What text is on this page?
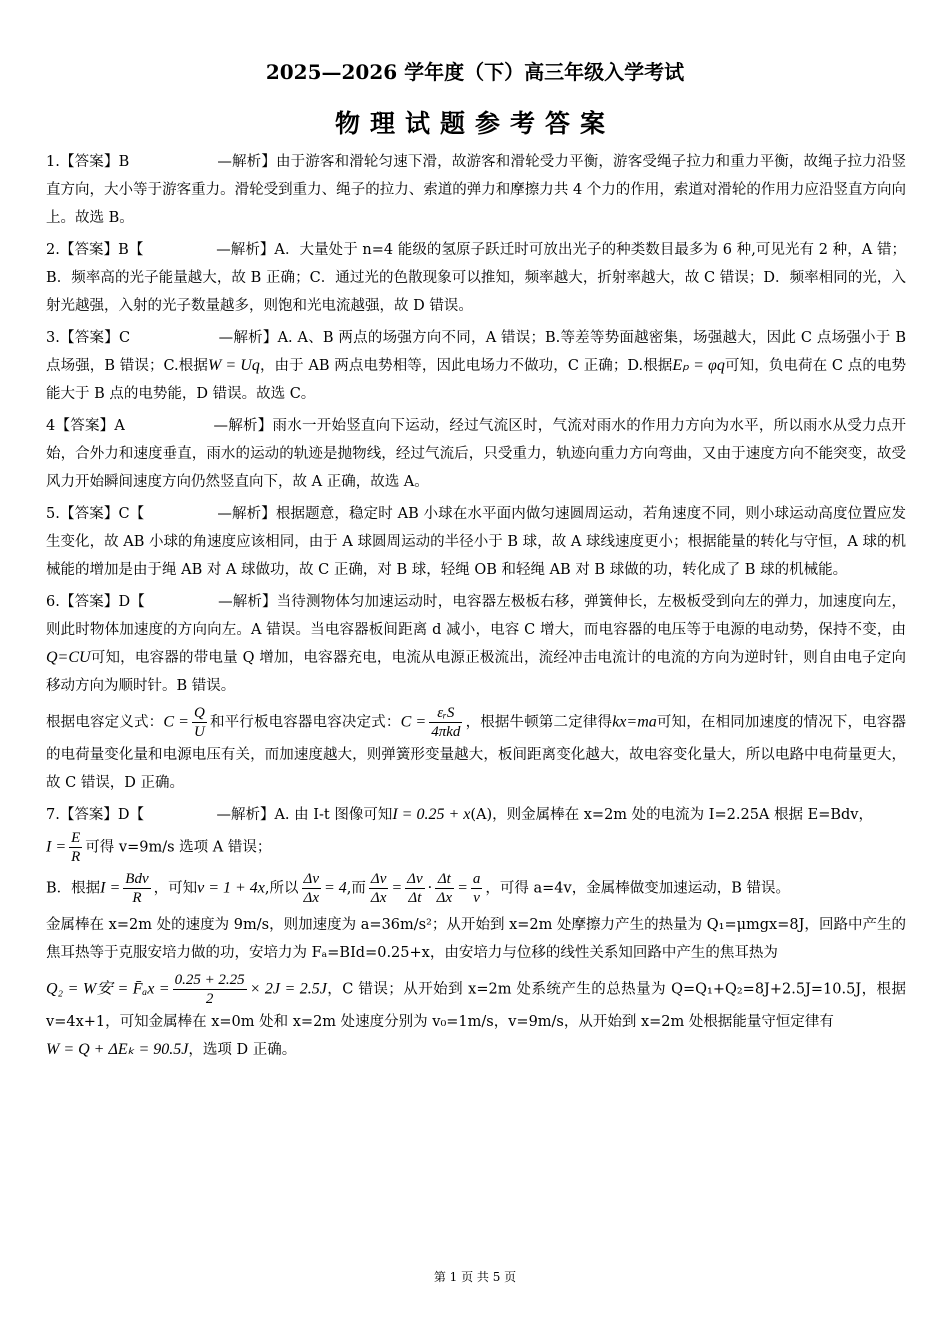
2025—2026 学年度（下）高三年级入学考试
物理试题参考答案

1.【答案】B　　　　　　—解析】由于游客和滑轮匀速下滑，故游客和滑轮受力平衡，游客受绳子拉力和重力平衡，故绳子拉力沿竖直方向，大小等于游客重力。滑轮受到重力、绳子的拉力、索道的弹力和摩擦力共 4 个力的作用，索道对滑轮的作用力应沿竖直方向向上。故选 B。

2.【答案】B【　　　　　—解析】A．大量处于 n=4 能级的氢原子跃迁时可放出光子的种类数目最多为 6 种,可见光有 2 种，A 错；B．频率高的光子能量越大，故 B 正确；C．通过光的色散现象可以推知，频率越大，折射率越大，故 C 错误；D．频率相同的光，入射光越强，入射的光子数量越多，则饱和光电流越强，故 D 错误。

3.【答案】C　　　　　　—解析】A. A、B 两点的场强方向不同，A 错误；B.等差等势面越密集，场强越大，因此 C 点场强小于 B 点场强，B 错误；C.根据W = Uq，由于 AB 两点电势相等，因此电场力不做功，C 正确；D.根据Eₚ = φq可知，负电荷在 C 点的电势能大于 B 点的电势能，D 错误。故选 C。

4【答案】A　　　　　　—解析】雨水一开始竖直向下运动，经过气流区时，气流对雨水的作用力方向为水平，所以雨水从受力点开始，合外力和速度垂直，雨水的运动的轨迹是抛物线，经过气流后，只受重力，轨迹向重力方向弯曲，又由于速度方向不能突变，故受风力开始瞬间速度方向仍然竖直向下，故 A 正确，故选 A。

5.【答案】C【　　　　　—解析】根据题意，稳定时 AB 小球在水平面内做匀速圆周运动，若角速度不同，则小球运动高度位置应发生变化，故 AB 小球的角速度应该相同，由于 A 球圆周运动的半径小于 B 球，故 A 球线速度更小；根据能量的转化与守恒，A 球的机械能的增加是由于绳 AB 对 A 球做功，故 C 正确，对 B 球，轻绳 OB 和轻绳 AB 对 B 球做的功，转化成了 B 球的机械能。

6.【答案】D【　　　　　—解析】当待测物体匀加速运动时，电容器左极板右移，弹簧伸长，左极板受到向左的弹力，加速度向左，则此时物体加速度的方向向左。A 错误。当电容器板间距离 d 减小，电容 C 增大，而电容器的电压等于电源的电动势，保持不变，由Q=CU可知，电容器的带电量 Q 增加，电容器充电，电流从电源正极流出，流经冲击电流计的电流的方向为逆时针，则自由电子定向移动方向为顺时针。B 错误。

根据电容定义式：$C = \frac{Q}{U}$ 和平行板电容器电容决定式：$C = \frac{\text{εᵣS}}{\text{4πkd}}$ ，根据牛顿第二定律得kx=ma可知，在相同加速度的情况下，电容器的电荷量变化量和电源电压有关，而加速度越大，则弹簧形变量越大，板间距离变化越大，故电容变化量大，所以电路中电荷量更大，故 C 错误，D 正确。

7.【答案】D【　　　　　—解析】A. 由 I-t 图像可知I = 0.25 + x(A)，则金属棒在 x=2m 处的电流为 I=2.25A 根据 E=Bdv，
$I = \frac{E}{R}$ 可得 v=9m/s 选项 A 错误；

B．根据$I = \frac{\text{Bdv}}{R}$ ，可知v = 1 + 4x,所以 $\frac{\Delta v}{\Delta x} = 4$,而 $\frac{\Delta v}{\Delta x} = \frac{\Delta v}{\Delta t} \cdot \frac{\Delta t}{\Delta x} = \frac{a}{v}$ ，可得 a=4v，金属棒做变加速运动，B 错误。

金属棒在 x=2m 处的速度为 9m/s，则加速度为 a=36m/s²；从开始到 x=2m 处摩擦力产生的热量为 Q₁=μmgx=8J，回路中产生的焦耳热等于克服安培力做的功，安培力为 Fₐ=BId=0.25+x，由安培力与位移的线性关系知回路中产生的焦耳热为

Q₂ = W安 = F̄ₐx = $\frac{0.25 + 2.25}{2} \times 2J = 2.5J$，C 错误；从开始到 x=2m 处系统产生的总热量为 Q=Q₁+Q₂=8J+2.5J=10.5J，根据 v=4x+1，可知金属棒在 x=0m 处和 x=2m 处速度分别为 v₀=1m/s，v=9m/s，从开始到 x=2m 处根据能量守恒定律有
W = Q + ΔEₖ = 90.5J，选项 D 正确。

第 1 页 共 5 页
